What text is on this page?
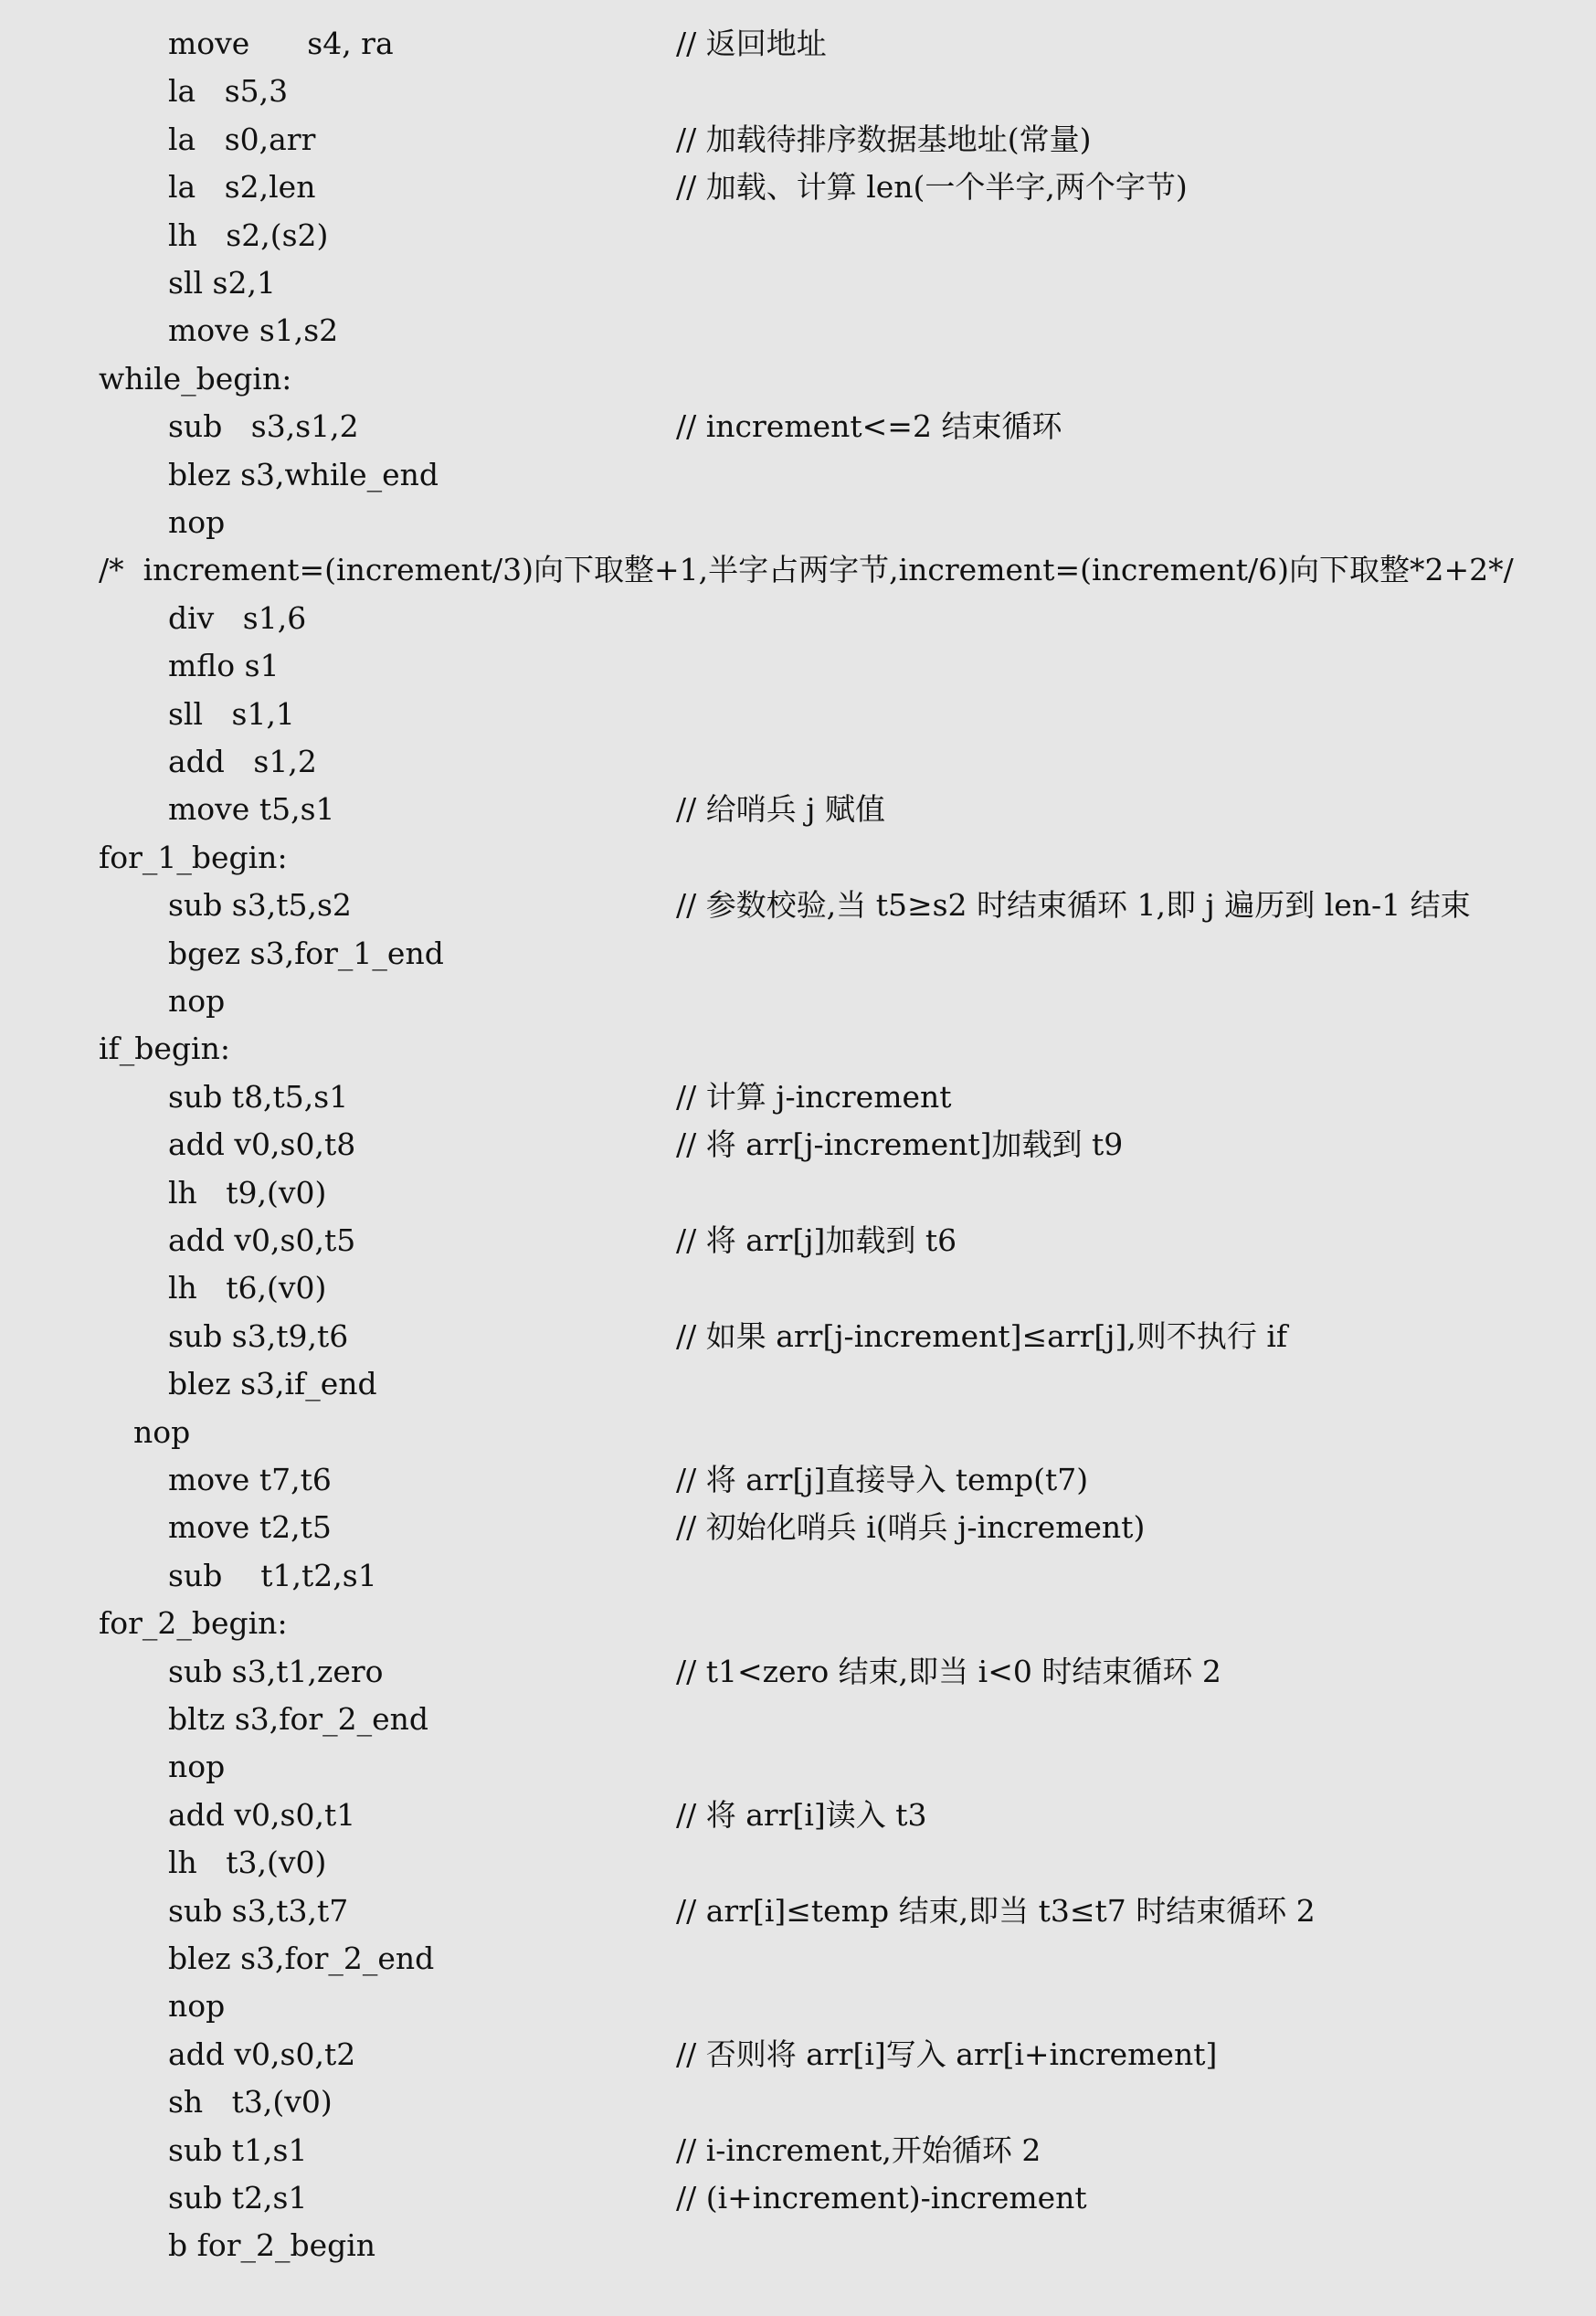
move      s4, ra	// 返回地址
la   s5,3
la   s0,arr	// 加载待排序数据基地址(常量)
la   s2,len	// 加载、计算 len(一个半字,两个字节)
lh   s2,(s2)
sll s2,1
move s1,s2
while_begin:
sub   s3,s1,2	// increment<=2 结束循环
blez s3,while_end
nop
/*  increment=(increment/3)向下取整+1,半字占两字节,increment=(increment/6)向下取整*2+2*/
div   s1,6
mflo s1
sll   s1,1
add   s1,2
move t5,s1	// 给哨兵 j 赋值
for_1_begin:
sub s3,t5,s2	// 参数校验,当 t5≥s2 时结束循环 1,即 j 遍历到 len-1 结束
bgez s3,for_1_end
nop
if_begin:
sub t8,t5,s1	// 计算 j-increment
add v0,s0,t8	// 将 arr[j-increment]加载到 t9
lh   t9,(v0)
add v0,s0,t5	// 将 arr[j]加载到 t6
lh   t6,(v0)
sub s3,t9,t6	// 如果 arr[j-increment]≤arr[j],则不执行 if
blez s3,if_end
nop
move t7,t6	// 将 arr[j]直接导入 temp(t7)
move t2,t5	// 初始化哨兵 i(哨兵 j-increment)
sub    t1,t2,s1
for_2_begin:
sub s3,t1,zero	// t1<zero 结束,即当 i<0 时结束循环 2
bltz s3,for_2_end
nop
add v0,s0,t1	// 将 arr[i]读入 t3
lh   t3,(v0)
sub s3,t3,t7	// arr[i]≤temp 结束,即当 t3≤t7 时结束循环 2
blez s3,for_2_end
nop
add v0,s0,t2	// 否则将 arr[i]写入 arr[i+increment]
sh   t3,(v0)
sub t1,s1	// i-increment,开始循环 2
sub t2,s1	// (i+increment)-increment
b for_2_begin
